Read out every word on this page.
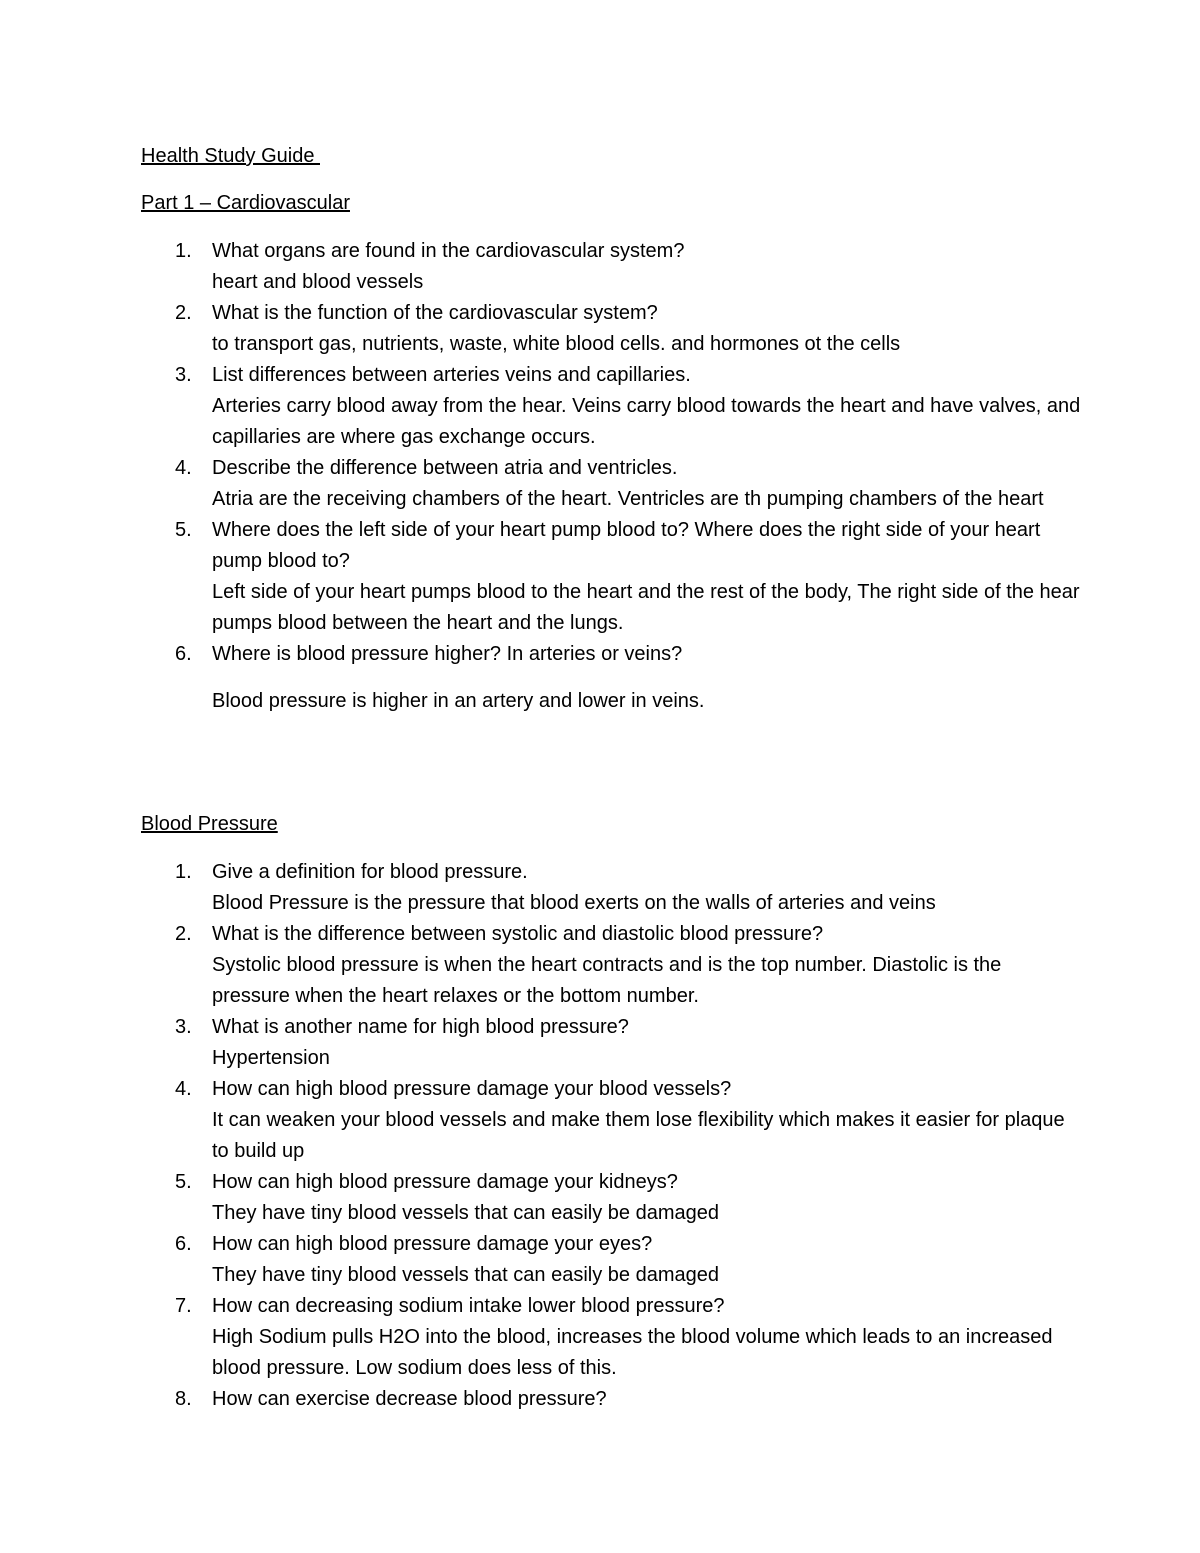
Health Study Guide
Part 1 – Cardiovascular
1.	What organs are found in the cardiovascular system?
heart and blood vessels
2.	What is the function of the cardiovascular system?
to transport gas, nutrients, waste, white blood cells. and hormones ot the cells
3.	List differences between arteries veins and capillaries.
Arteries carry blood away from the hear. Veins carry blood towards the heart and have valves, and capillaries are where gas exchange occurs.
4.	Describe the difference between atria and ventricles.
Atria are the receiving chambers of the heart. Ventricles are th pumping chambers of the heart
5.	Where does the left side of your heart pump blood to? Where does the right side of your heart pump blood to?
Left side of your heart pumps blood to the heart and the rest of the body, The right side of the hear pumps blood between the heart and the lungs.
6.	Where is blood pressure higher? In arteries or veins?
Blood pressure is higher in an artery and lower in veins.
Blood Pressure
1.	Give a definition for blood pressure.
Blood Pressure is the pressure that blood exerts on the walls of arteries and veins
2.	What is the difference between systolic and diastolic blood pressure?
Systolic blood pressure is when the heart contracts and is the top number. Diastolic is the pressure when the heart relaxes or the bottom number.
3.	What is another name for high blood pressure?
Hypertension
4.	How can high blood pressure damage your blood vessels?
It can weaken your blood vessels and make them lose flexibility which makes it easier for plaque to build up
5.	How can high blood pressure damage your kidneys?
They have tiny blood vessels that can easily be damaged
6.	How can high blood pressure damage your eyes?
They have tiny blood vessels that can easily be damaged
7.	How can decreasing sodium intake lower blood pressure?
High Sodium pulls H2O into the blood, increases the blood volume which leads to an increased blood pressure. Low sodium does less of this.
8.	How can exercise decrease blood pressure?
